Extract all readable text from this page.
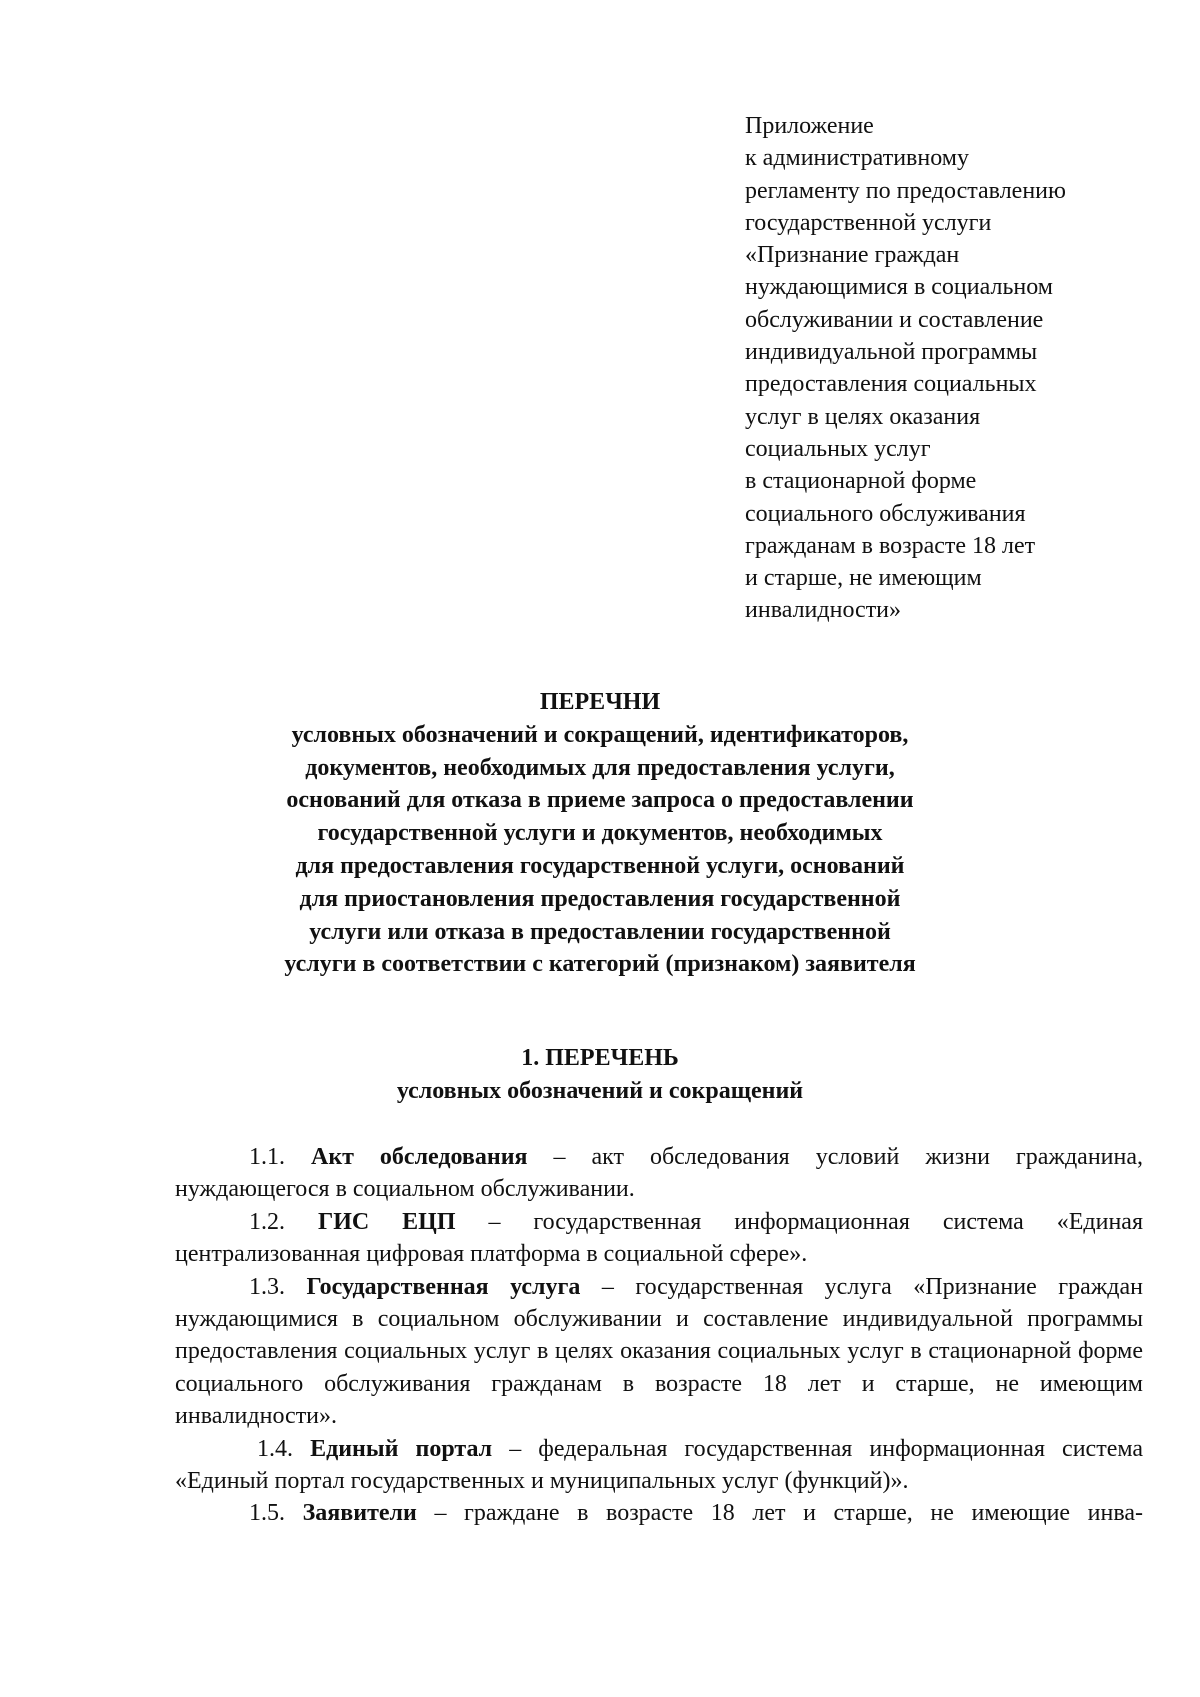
Приложение
к административному
регламенту по предоставлению
государственной услуги
«Признание граждан
нуждающимися в социальном
обслуживании и составление
индивидуальной программы
предоставления социальных
услуг в целях оказания
социальных услуг
в стационарной форме
социального обслуживания
гражданам в возрасте 18 лет
и старше, не имеющим
инвалидности»
ПЕРЕЧНИ
условных обозначений и сокращений, идентификаторов,
документов, необходимых для предоставления услуги,
оснований для отказа в приеме запроса о предоставлении
государственной услуги и документов, необходимых
для предоставления государственной услуги, оснований
для приостановления предоставления государственной
услуги или отказа в предоставлении государственной
услуги в соответствии с категорий (признаком) заявителя
1. ПЕРЕЧЕНЬ
условных обозначений и сокращений

1.1. Акт обследования – акт обследования условий жизни гражданина, нуждающегося в социальном обслуживании.

1.2. ГИС ЕЦП – государственная информационная система «Единая централизованная цифровая платформа в социальной сфере».

1.3. Государственная услуга – государственная услуга «Признание граждан нуждающимися в социальном обслуживании и составление индивидуальной программы предоставления социальных услуг в целях оказания социальных услуг в стационарной форме социального обслуживания гражданам в возрасте 18 лет и старше, не имеющим инвалидности».

1.4. Единый портал – федеральная государственная информационная система «Единый портал государственных и муниципальных услуг (функций)».

1.5. Заявители – граждане в возрасте 18 лет и старше, не имеющие инва-
